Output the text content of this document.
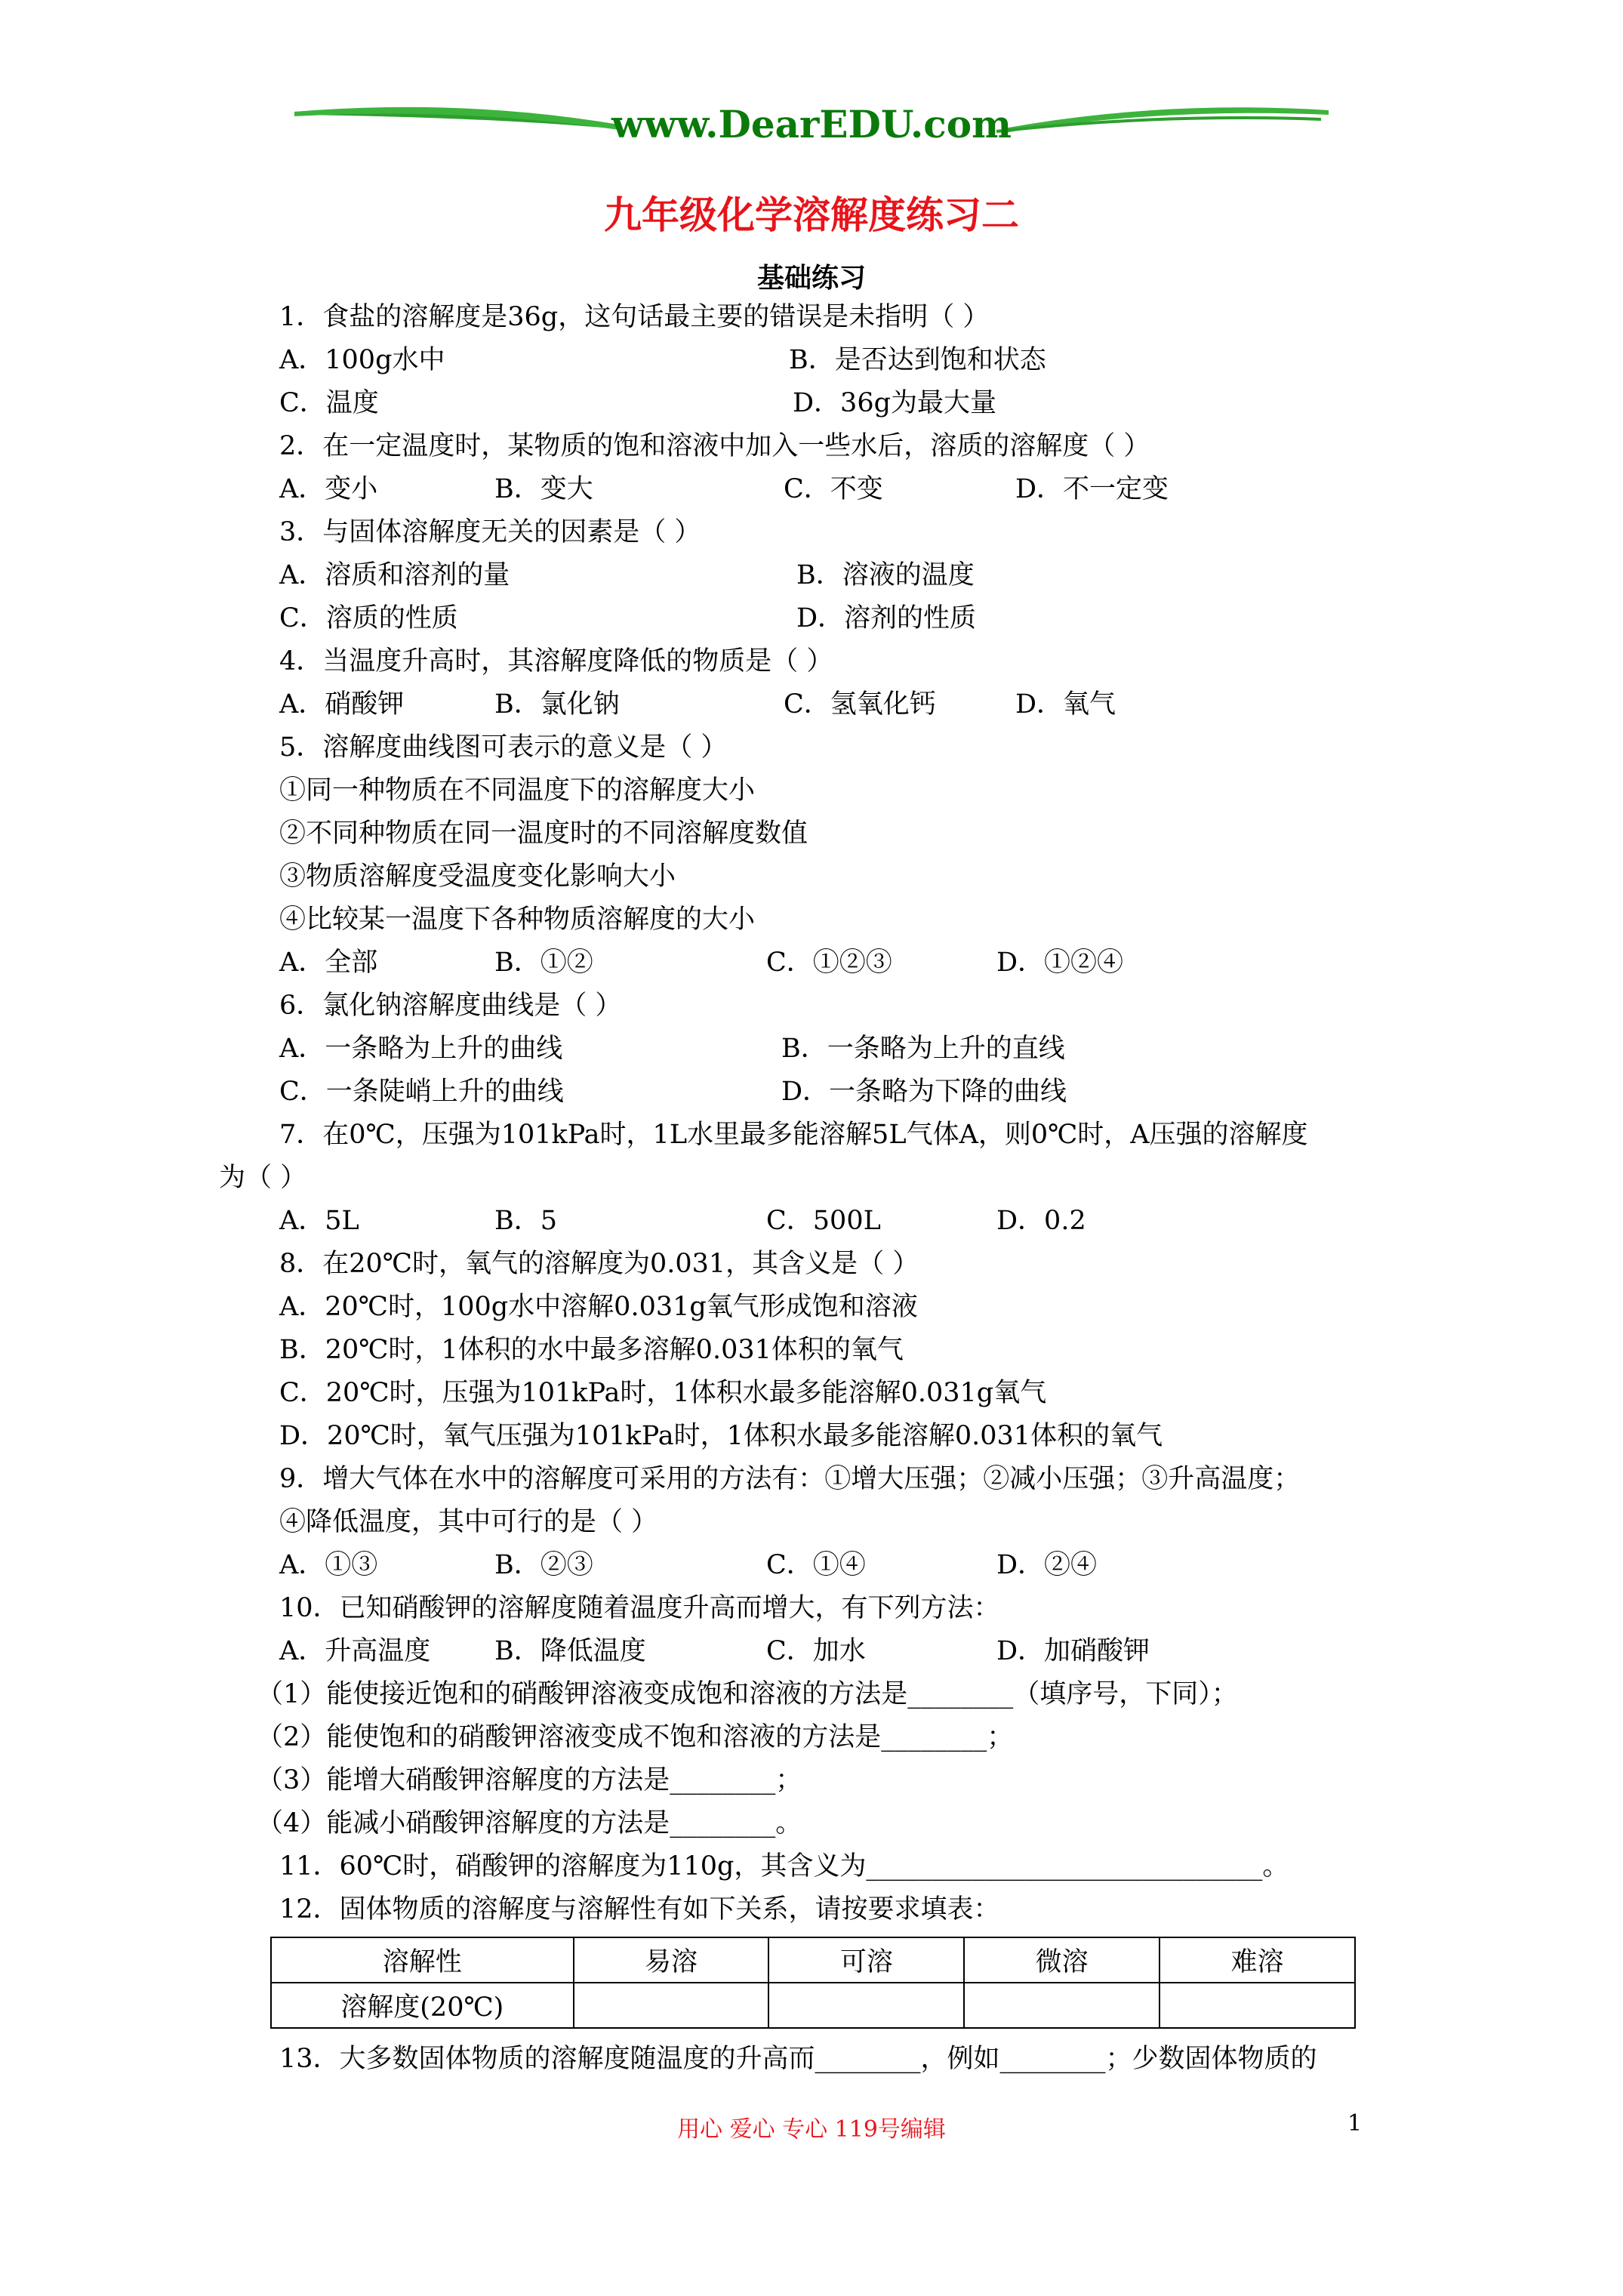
www.DearEDU.com
九年级化学溶解度练习二
基础练习
1．食盐的溶解度是36g，这句话最主要的错误是未指明（ ）
A．100g水中	B．是否达到饱和状态
C．温度	D．36g为最大量
2．在一定温度时，某物质的饱和溶液中加入一些水后，溶质的溶解度（ ）
A．变小	B．变大	C．不变	D．不一定变
3．与固体溶解度无关的因素是（ ）
A．溶质和溶剂的量	B．溶液的温度
C．溶质的性质	D．溶剂的性质
4．当温度升高时，其溶解度降低的物质是（ ）
A．硝酸钾	B．氯化钠	C．氢氧化钙	D．氧气
5．溶解度曲线图可表示的意义是（ ）
①同一种物质在不同温度下的溶解度大小
②不同种物质在同一温度时的不同溶解度数值
③物质溶解度受温度变化影响大小
④比较某一温度下各种物质溶解度的大小
A．全部	B．①②	C．①②③	D．①②④
6．氯化钠溶解度曲线是（ ）
A．一条略为上升的曲线	B．一条略为上升的直线
C．一条陡峭上升的曲线	D．一条略为下降的曲线
7．在0℃，压强为101kPa时，1L水里最多能溶解5L气体A，则0℃时，A压强的溶解度
为（ ）
A．5L	B．5	C．500L	D．0.2
8．在20℃时，氧气的溶解度为0.031，其含义是（ ）
A．20℃时，100g水中溶解0.031g氧气形成饱和溶液
B．20℃时，1体积的水中最多溶解0.031体积的氧气
C．20℃时，压强为101kPa时，1体积水最多能溶解0.031g氧气
D．20℃时，氧气压强为101kPa时，1体积水最多能溶解0.031体积的氧气
9．增大气体在水中的溶解度可采用的方法有：①增大压强；②减小压强；③升高温度；
④降低温度，其中可行的是（ ）
A．①③	B．②③	C．①④	D．②④
10．已知硝酸钾的溶解度随着温度升高而增大，有下列方法：
A．升高温度 B．降低温度	C．加水	D．加硝酸钾
（1）能使接近饱和的硝酸钾溶液变成饱和溶液的方法是________（填序号，下同）；
（2）能使饱和的硝酸钾溶液变成不饱和溶液的方法是________；
（3）能增大硝酸钾溶解度的方法是________；
（4）能减小硝酸钾溶解度的方法是________。
11．60℃时，硝酸钾的溶解度为110g，其含义为______________________________。
12．固体物质的溶解度与溶解性有如下关系，请按要求填表：
13．大多数固体物质的溶解度随温度的升高而________，例如________；少数固体物质的
溶解性	易溶	可溶	微溶	难溶
溶解度(20℃)				
用心 爱心 专心 119号编辑	1
